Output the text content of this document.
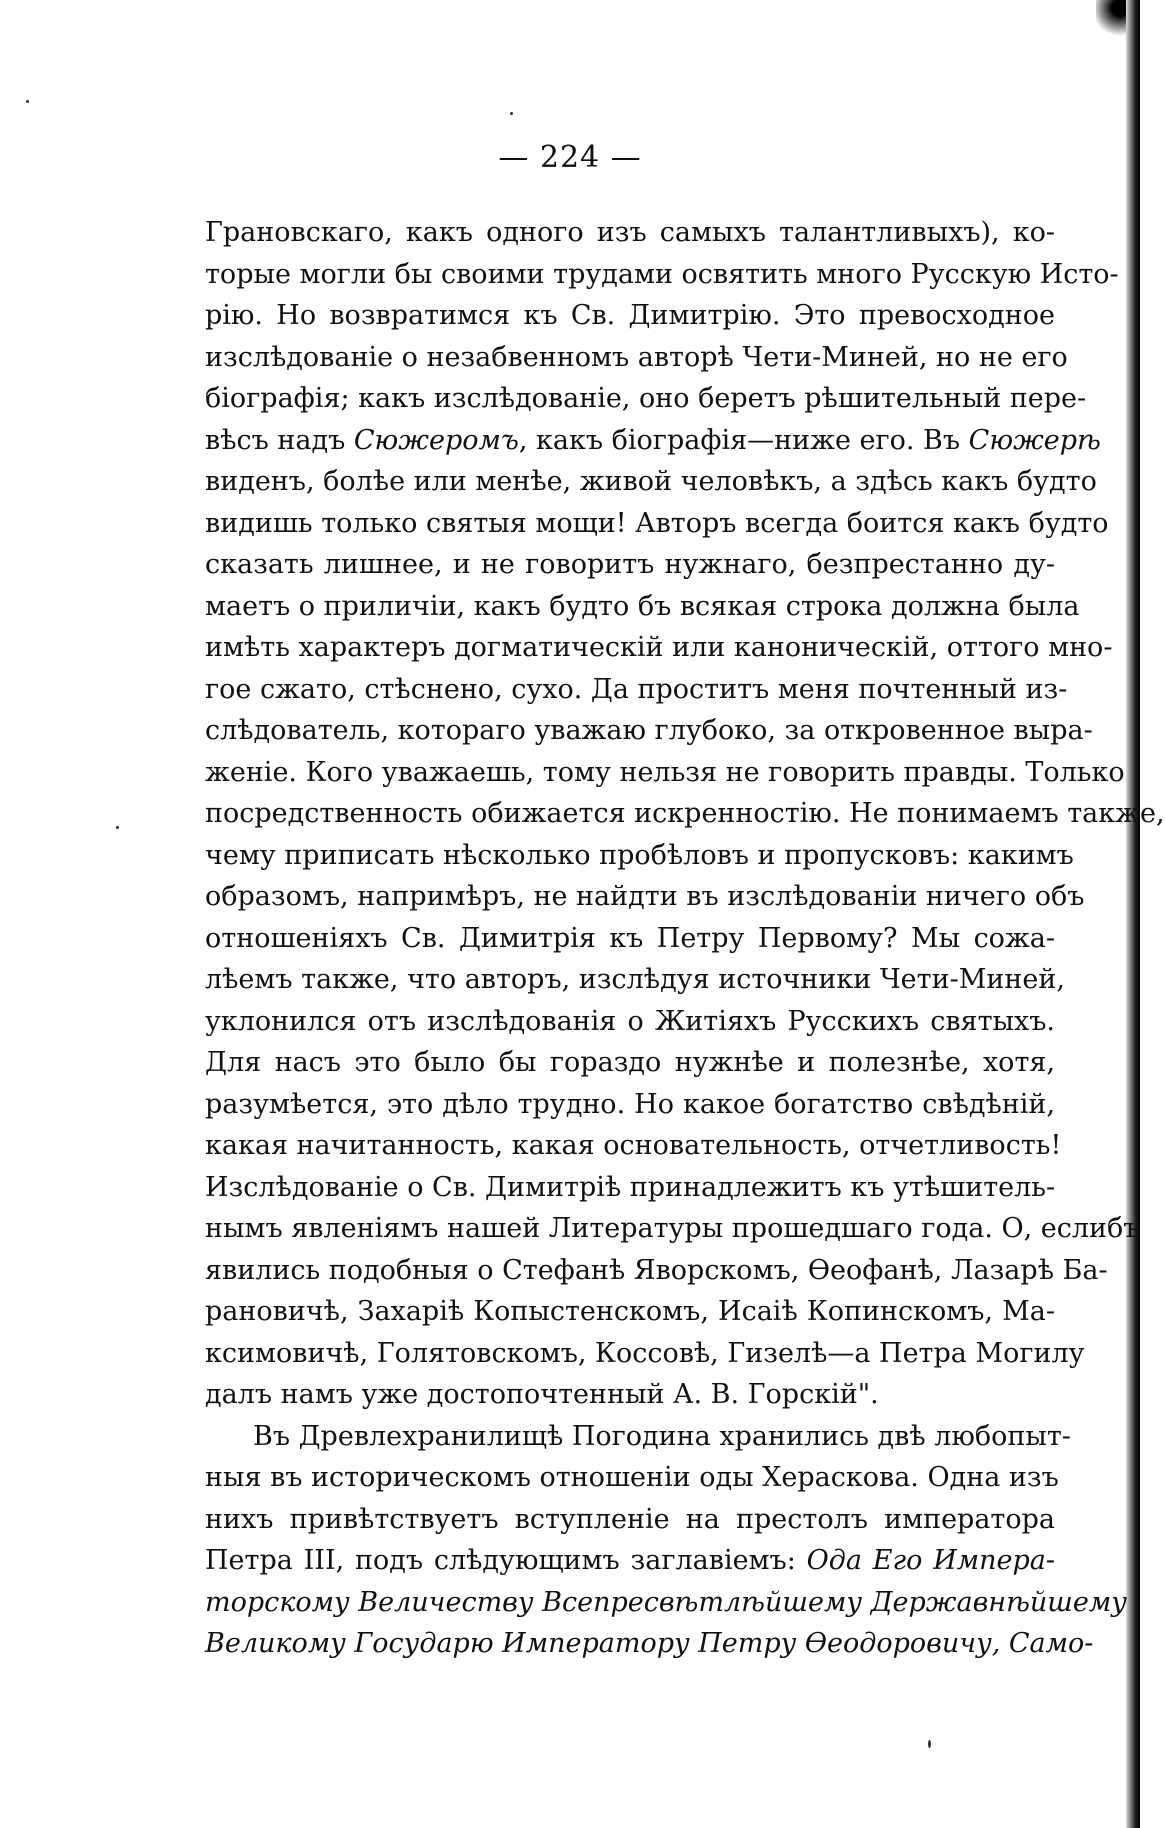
— 224 —
Грановскаго, какъ одного изъ самыхъ талантливыхъ), ко-
торые могли бы своими трудами освятить много Русскую Исто-
рію. Но возвратимся къ Св. Димитрію. Это превосходное
изслѣдованіе о незабвенномъ авторѣ Чети-Миней, но не его
біографія; какъ изслѣдованіе, оно беретъ рѣшительный пере-
вѣсъ надъ Сюжеромъ, какъ біографія—ниже его. Въ Сюжерѣ
виденъ, болѣе или менѣе, живой человѣкъ, а здѣсь какъ будто
видишь только святыя мощи! Авторъ всегда боится какъ будто
сказать лишнее, и не говоритъ нужнаго, безпрестанно ду-
маетъ о приличіи, какъ будто бъ всякая строка должна была
имѣть характеръ догматическій или каноническій, оттого мно-
гое сжато, стѣснено, сухо. Да проститъ меня почтенный из-
слѣдователь, котораго уважаю глубоко, за откровенное выра-
женіе. Кого уважаешь, тому нельзя не говорить правды. Только
посредственность обижается искренностію. Не понимаемъ также,
чему приписать нѣсколько пробѣловъ и пропусковъ: какимъ
образомъ, напримѣръ, не найдти въ изслѣдованіи ничего объ
отношеніяхъ Св. Димитрія къ Петру Первому? Мы сожа-
лѣемъ также, что авторъ, изслѣдуя источники Чети-Миней,
уклонился отъ изслѣдованія о Житіяхъ Русскихъ святыхъ.
Для насъ это было бы гораздо нужнѣе и полезнѣе, хотя,
разумѣется, это дѣло трудно. Но какое богатство свѣдѣній,
какая начитанность, какая основательность, отчетливость!
Изслѣдованіе о Св. Димитріѣ принадлежитъ къ утѣшитель-
нымъ явленіямъ нашей Литературы прошедшаго года. О, еслибъ
явились подобныя о Стефанѣ Яворскомъ, Ѳеофанѣ, Лазарѣ Ба-
рановичѣ, Захаріѣ Копыстенскомъ, Исаіѣ Копинскомъ, Ма-
ксимовичѣ, Голятовскомъ, Коссовѣ, Гизелѣ—а Петра Могилу
далъ намъ уже достопочтенный А. В. Горскій".
Въ Древлехранилищѣ Погодина хранились двѣ любопыт-
ныя въ историческомъ отношеніи оды Хераскова. Одна изъ
нихъ привѣтствуетъ вступленіе на престолъ императора
Петра III, подъ слѣдующимъ заглавіемъ: Ода Его Импера-
торскому Величеству Всепресвѣтлѣйшему Державнѣйшему
Великому Государю Императору Петру Ѳеодоровичу, Само-
